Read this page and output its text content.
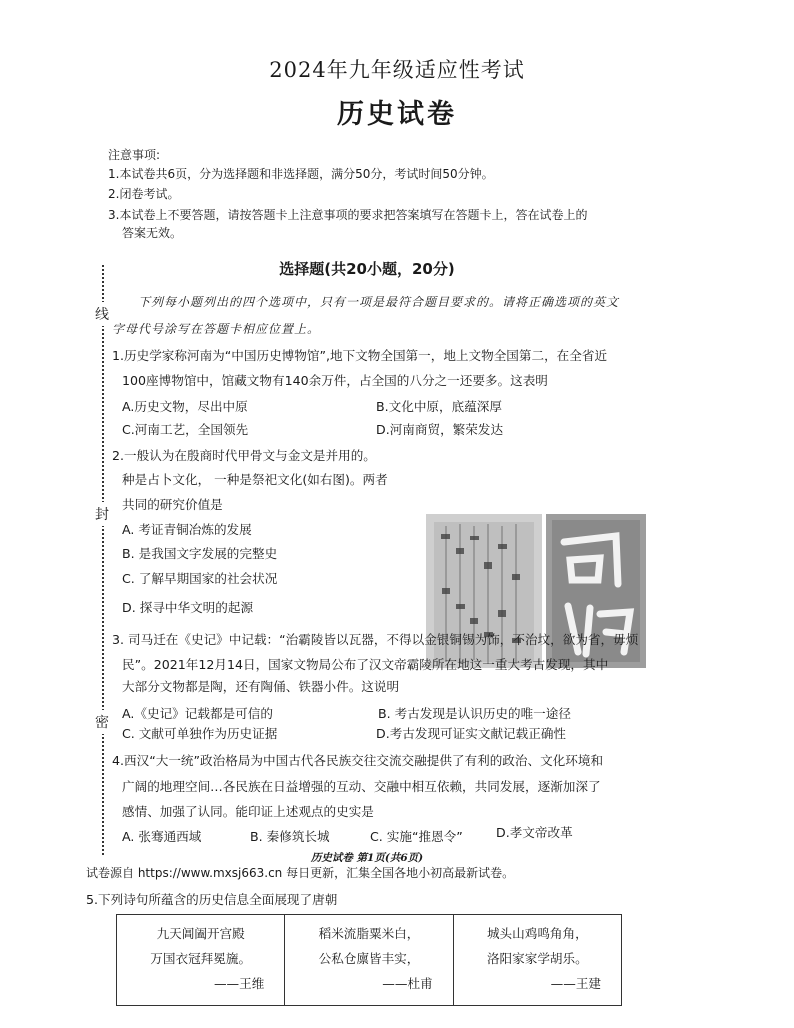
2024年九年级适应性考试
历史试卷
注意事项:
1.本试卷共6页，分为选择题和非选择题，满分50分，考试时间50分钟。
2.闭卷考试。
3.本试卷上不要答题，请按答题卡上注意事项的要求把答案填写在答题卡上，答在试卷上的
答案无效。
线
封
密
选择题(共20小题，20分)
下列每小题列出的四个选项中，只有一项是最符合题目要求的。请将正确选项的英文
字母代号涂写在答题卡相应位置上。
1.历史学家称河南为“中国历史博物馆”,地下文物全国第一，地上文物全国第二，在全省近
100座博物馆中，馆藏文物有140余万件，占全国的八分之一还要多。这表明
A.历史文物，尽出中原	B.文化中原，底蕴深厚
C.河南工艺，全国领先	D.河南商贸，繁荣发达
2.一般认为在殷商时代甲骨文与金文是并用的。
种是占卜文化， 一种是祭祀文化(如右图)。两者
共同的研究价值是
A. 考证青铜冶炼的发展
B. 是我国文字发展的完整史
C. 了解早期国家的社会状况
D. 探寻中华文明的起源
3. 司马迁在《史记》中记载：“治霸陵皆以瓦器，不得以金银铜锡为饰，不治坟，欲为省，毋烦
民”。2021年12月14日，国家文物局公布了汉文帝霸陵所在地这一重大考古发现，其中
大部分文物都是陶，还有陶俑、铁器小件。这说明
A.《史记》记载都是可信的	B. 考古发现是认识历史的唯一途径
C. 文献可单独作为历史证据	D.考古发现可证实文献记载正确性
4.西汉“大一统”政治格局为中国古代各民族交往交流交融提供了有利的政治、文化环境和
广阔的地理空间…各民族在日益增强的互动、交融中相互依赖，共同发展，逐渐加深了
感情、加强了认同。能印证上述观点的史实是
A. 张骞通西域	B. 秦修筑长城	C. 实施“推恩令”	D.孝文帝改革
历史试卷 第1页(共6页)
试卷源自 https://www.mxsj663.cn 每日更新，汇集全国各地小初高最新试卷。
5.下列诗句所蕴含的历史信息全面展现了唐朝
九天阊阖开宫殿
万国衣冠拜冕旒。
——王维

稻米流脂粟米白，
公私仓廪皆丰实，
——杜甫

城头山鸡鸣角角，
洛阳家家学胡乐。
——王建
